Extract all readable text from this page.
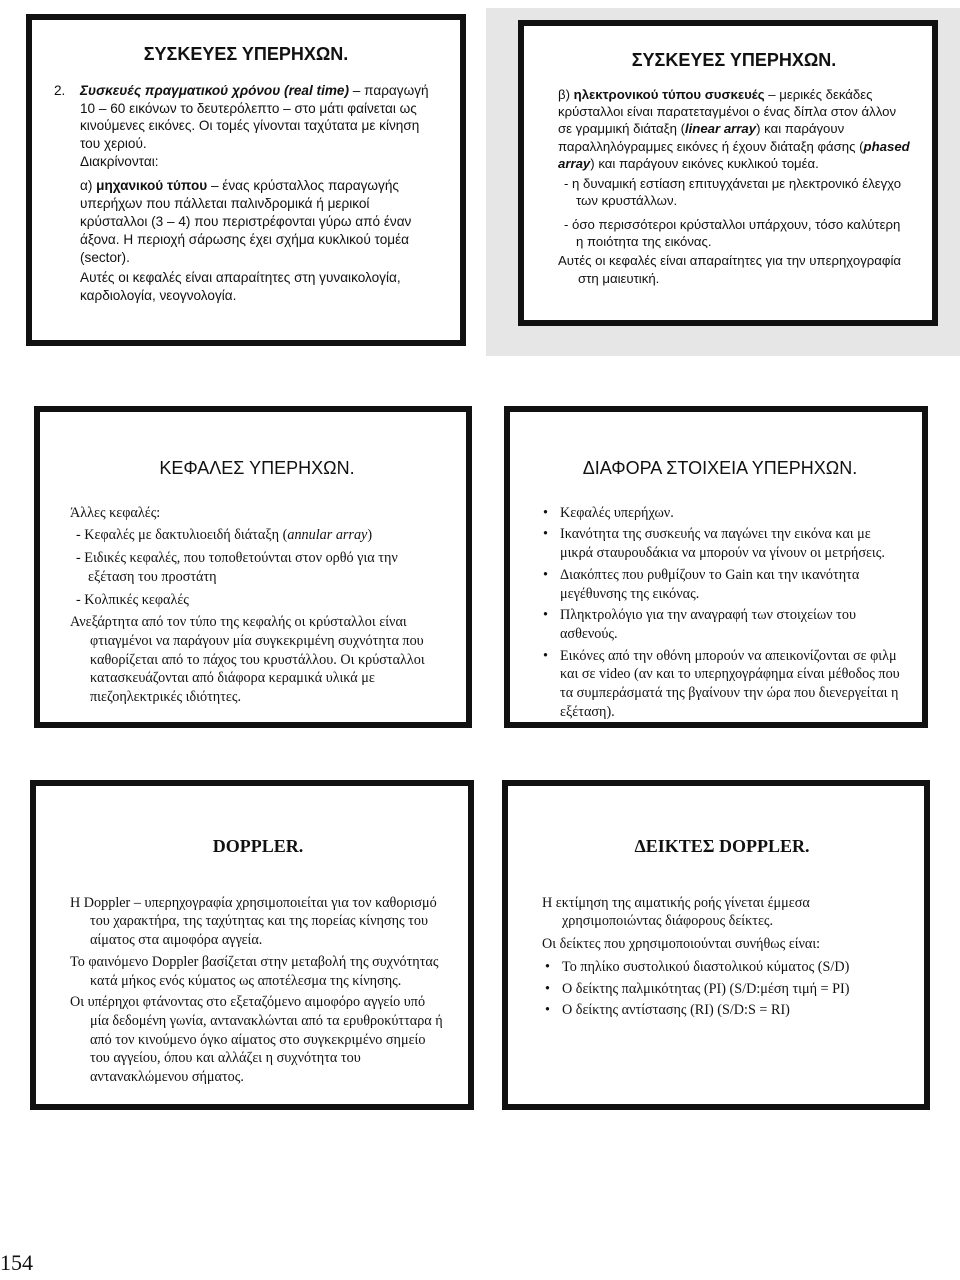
ΣΥΣΚΕΥΕΣ ΥΠΕΡΗΧΩΝ.

2. Συσκευές πραγματικού χρόνου (real time) – παραγωγή 10 – 60 εικόνων το δευτερόλεπτο – στο μάτι φαίνεται ως κινούμενες εικόνες. Οι τομές γίνονται ταχύτατα με κίνηση του χεριού.

Διακρίνονται:

α) μηχανικού τύπου – ένας κρύσταλλος παραγωγής υπερήχων που πάλλεται παλινδρομικά ή μερικοί κρύσταλλοι (3 – 4) που περιστρέφονται γύρω από έναν άξονα. Η περιοχή σάρωσης έχει σχήμα κυκλικού τομέα (sector).

Αυτές οι κεφαλές είναι απαραίτητες στη γυναικολογία, καρδιολογία, νεογνολογία.

ΣΥΣΚΕΥΕΣ ΥΠΕΡΗΧΩΝ.

β) ηλεκτρονικού τύπου συσκευές – μερικές δεκάδες κρύσταλλοι είναι παρατεταγμένοι ο ένας δίπλα στον άλλον σε γραμμική διάταξη (linear array) και παράγουν παραλληλόγραμμες εικόνες ή έχουν διάταξη φάσης (phased array) και παράγουν εικόνες κυκλικού τομέα.

- η δυναμική εστίαση επιτυγχάνεται με ηλεκτρονικό έλεγχο των κρυστάλλων.

- όσο περισσότεροι κρύσταλλοι υπάρχουν, τόσο καλύτερη η ποιότητα της εικόνας.

Αυτές οι κεφαλές είναι απαραίτητες για την υπερηχογραφία στη μαιευτική.

ΚΕΦΑΛΕΣ ΥΠΕΡΗΧΩΝ.

Άλλες κεφαλές:

- Κεφαλές με δακτυλιοειδή διάταξη (annular array)

- Ειδικές κεφαλές, που τοποθετούνται στον ορθό για την εξέταση του προστάτη

- Κολπικές κεφαλές

Ανεξάρτητα από τον τύπο της κεφαλής οι κρύσταλλοι είναι φτιαγμένοι να παράγουν μία συγκεκριμένη συχνότητα που καθορίζεται από το πάχος του κρυστάλλου. Οι κρύσταλλοι κατασκευάζονται από διάφορα κεραμικά υλικά με πιεζοηλεκτρικές ιδιότητες.

ΔΙΑΦΟΡΑ ΣΤΟΙΧΕΙΑ ΥΠΕΡΗΧΩΝ.

• Κεφαλές υπερήχων.
• Ικανότητα της συσκευής να παγώνει την εικόνα και με μικρά σταυρουδάκια να μπορούν να γίνουν οι μετρήσεις.
• Διακόπτες που ρυθμίζουν το Gain και την ικανότητα μεγέθυνσης της εικόνας.
• Πληκτρολόγιο για την αναγραφή των στοιχείων του ασθενούς.
• Εικόνες από την οθόνη μπορούν να απεικονίζονται σε φιλμ και σε video (αν και το υπερηχογράφημα είναι μέθοδος που τα συμπεράσματά της βγαίνουν την ώρα που διενεργείται η εξέταση).

DOPPLER.

Η Doppler – υπερηχογραφία χρησιμοποιείται για τον καθορισμό του χαρακτήρα, της ταχύτητας και της πορείας κίνησης του αίματος στα αιμοφόρα αγγεία.

Το φαινόμενο Doppler βασίζεται στην μεταβολή της συχνότητας κατά μήκος ενός κύματος ως αποτέλεσμα της κίνησης.

Οι υπέρηχοι φτάνοντας στο εξεταζόμενο αιμοφόρο αγγείο υπό μία δεδομένη γωνία, αντανακλώνται από τα ερυθροκύτταρα ή από τον κινούμενο όγκο αίματος στο συγκεκριμένο σημείο του αγγείου, όπου και αλλάζει η συχνότητα του αντανακλώμενου σήματος.

ΔΕΙΚΤΕΣ DOPPLER.

Η εκτίμηση της αιματικής ροής γίνεται έμμεσα χρησιμοποιώντας διάφορους δείκτες.

Οι δείκτες που χρησιμοποιούνται συνήθως είναι:

• Το πηλίκο συστολικού διαστολικού κύματος (S/D)
• Ο δείκτης παλμικότητας (PI) (S/D:μέση τιμή = PI)
• Ο δείκτης αντίστασης (RI) (S/D:S = RI)
154
